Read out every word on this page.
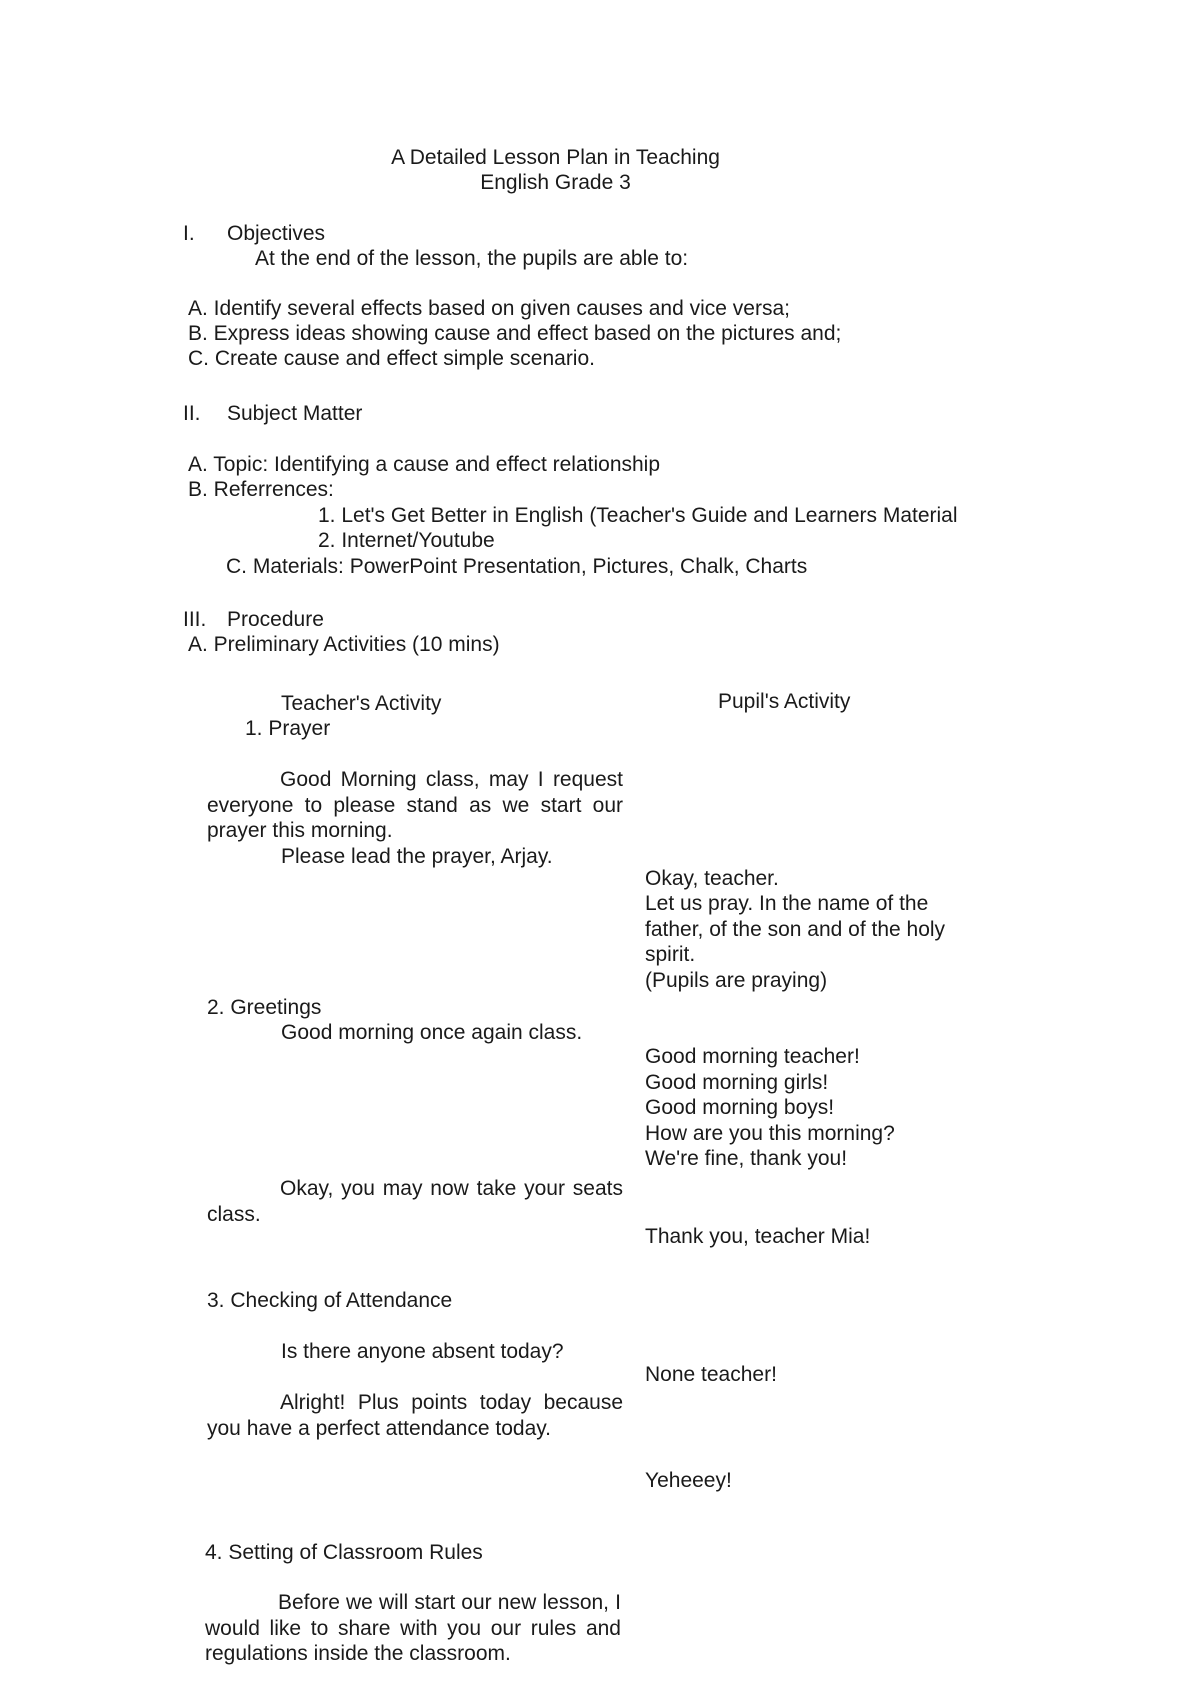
A Detailed Lesson Plan in Teaching
English Grade 3
I. Objectives
At the end of the lesson, the pupils are able to:
A. Identify several effects based on given causes and vice versa;
B. Express ideas showing cause and effect based on the pictures and;
C. Create cause and effect simple scenario.
II. Subject Matter
A. Topic: Identifying a cause and effect relationship
B. Referrences:
1. Let's Get Better in English (Teacher's Guide and Learners Material
2. Internet/Youtube
C. Materials: PowerPoint Presentation, Pictures, Chalk, Charts
III. Procedure
A. Preliminary Activities (10 mins)
Teacher's Activity	Pupil's Activity
1. Prayer
Good Morning class, may I request everyone to please stand as we start our prayer this morning.
Please lead the prayer, Arjay.
Okay, teacher.
Let us pray. In the name of the
father, of the son and of the holy
spirit.
(Pupils are praying)
2. Greetings
Good morning once again class.
Good morning teacher!
Good morning girls!
Good morning boys!
How are you this morning?
We're fine, thank you!
Okay, you may now take your seats class.
Thank you, teacher Mia!
3. Checking of Attendance
Is there anyone absent today?
None teacher!
Alright! Plus points today because you have a perfect attendance today.
Yeheeey!
4. Setting of Classroom Rules
Before we will start our new lesson, I would like to share with you our rules and regulations inside the classroom.
